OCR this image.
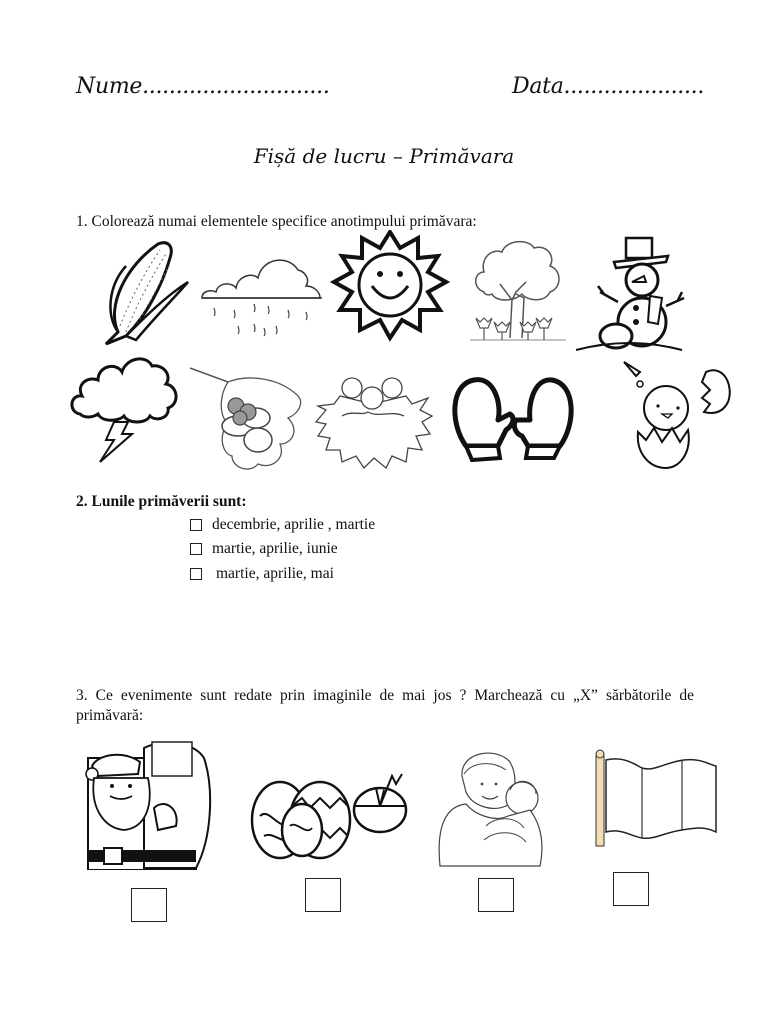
Nume............................	Data.....................
Fișă de lucru – Primăvara
1. Colorează numai elementele specifice anotimpului primăvara:
2. Lunile primăverii sunt:
decembrie, aprilie , martie
martie, aprilie, iunie
martie, aprilie, mai
3. Ce evenimente sunt redate prin imaginile de mai jos ? Marchează cu „X” sărbătorile de primăvară:
